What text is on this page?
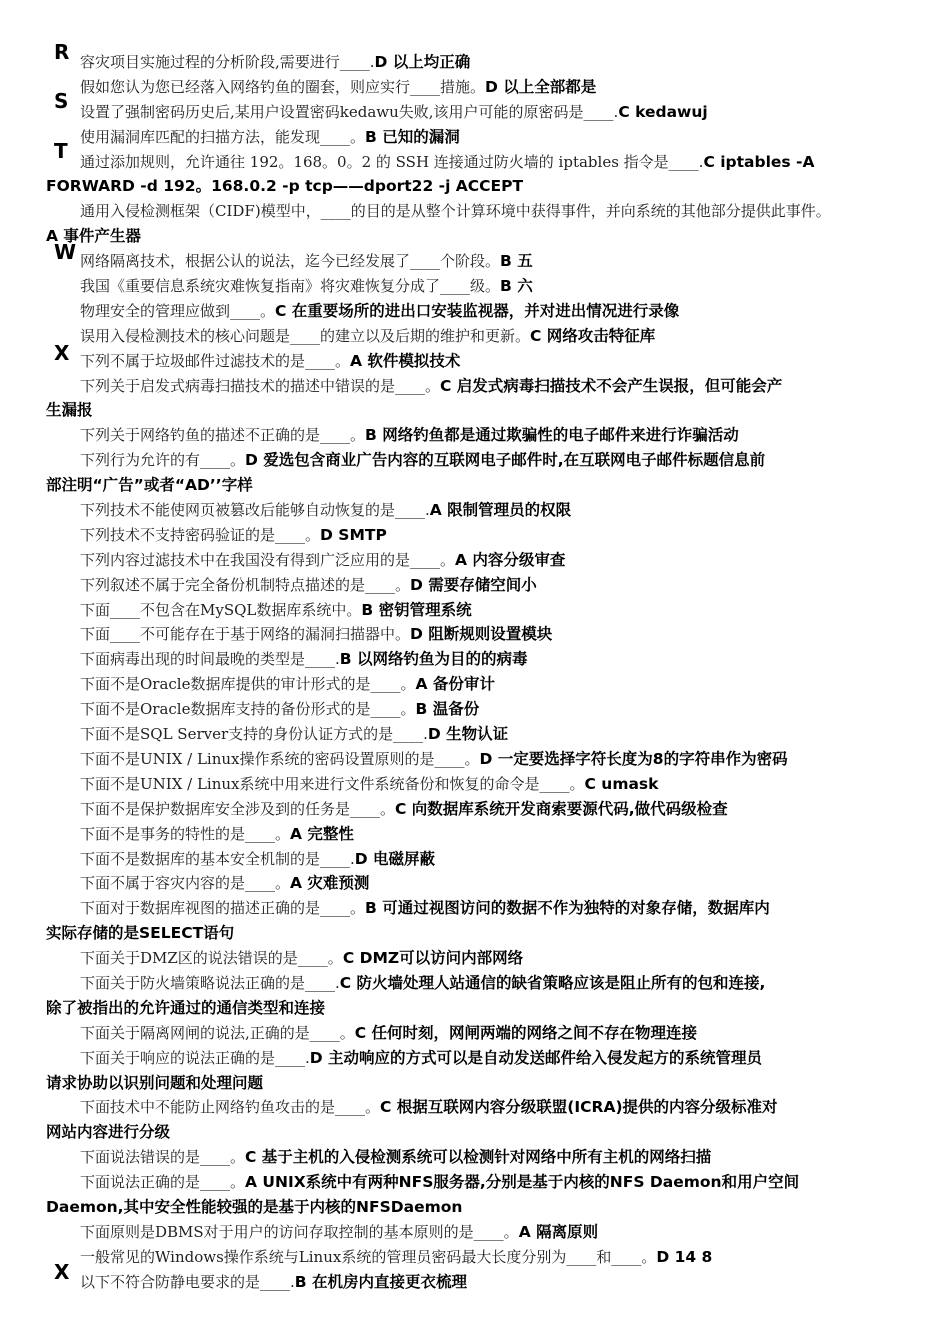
R
S
T
W
X
X
容灾项目实施过程的分析阶段,需要进行____.D 以上均正确
假如您认为您已经落入网络钓鱼的圈套，则应实行____措施。D 以上全部都是
设置了强制密码历史后,某用户设置密码kedawu失败,该用户可能的原密码是____.C kedawuj
使用漏洞库匹配的扫描方法，能发现____。B 已知的漏洞
通过添加规则，允许通往 192。168。0。2 的 SSH 连接通过防火墙的 iptables 指令是____.C iptables -A
FORWARD -d 192。168.0.2 -p tcp——dport22 -j ACCEPT
通用入侵检测框架（CIDF)模型中，____的目的是从整个计算环境中获得事件，并向系统的其他部分提供此事件。
A 事件产生器
网络隔离技术，根据公认的说法，迄今已经发展了____个阶段。B 五
我国《重要信息系统灾难恢复指南》将灾难恢复分成了____级。B 六
物理安全的管理应做到____。C 在重要场所的进出口安装监视器，并对进出情况进行录像
误用入侵检测技术的核心问题是____的建立以及后期的维护和更新。C 网络攻击特征库
下列不属于垃圾邮件过滤技术的是____。A 软件模拟技术
下列关于启发式病毒扫描技术的描述中错误的是____。C 启发式病毒扫描技术不会产生误报，但可能会产
生漏报
下列关于网络钓鱼的描述不正确的是____。B 网络钓鱼都是通过欺骗性的电子邮件来进行诈骗活动
下列行为允许的有____。D 爱选包含商业广告内容的互联网电子邮件时,在互联网电子邮件标题信息前
部注明“广告”或者“AD’’字样
下列技术不能使网页被篡改后能够自动恢复的是____.A 限制管理员的权限
下列技术不支持密码验证的是____。D SMTP
下列内容过滤技术中在我国没有得到广泛应用的是____。A 内容分级审查
下列叙述不属于完全备份机制特点描述的是____。D 需要存储空间小
下面____不包含在MySQL数据库系统中。B 密钥管理系统
下面____不可能存在于基于网络的漏洞扫描器中。D 阻断规则设置模块
下面病毒出现的时间最晚的类型是____.B 以网络钓鱼为目的的病毒
下面不是Oracle数据库提供的审计形式的是____。A 备份审计
下面不是Oracle数据库支持的备份形式的是____。B 温备份
下面不是SQL Server支持的身份认证方式的是____.D 生物认证
下面不是UNIX / Linux操作系统的密码设置原则的是____。D 一定要选择字符长度为8的字符串作为密码
下面不是UNIX / Linux系统中用来进行文件系统备份和恢复的命令是____。C umask
下面不是保护数据库安全涉及到的任务是____。C 向数据库系统开发商索要源代码,做代码级检查
下面不是事务的特性的是____。A 完整性
下面不是数据库的基本安全机制的是____.D 电磁屏蔽
下面不属于容灾内容的是____。A 灾难预测
下面对于数据库视图的描述正确的是____。B 可通过视图访问的数据不作为独特的对象存储，数据库内
实际存储的是SELECT语句
下面关于DMZ区的说法错误的是____。C DMZ可以访问内部网络
下面关于防火墙策略说法正确的是____.C 防火墙处理人站通信的缺省策略应该是阻止所有的包和连接,
除了被指出的允许通过的通信类型和连接
下面关于隔离网闸的说法,正确的是____。C 任何时刻，网闸两端的网络之间不存在物理连接
下面关于响应的说法正确的是____.D 主动响应的方式可以是自动发送邮件给入侵发起方的系统管理员
请求协助以识别问题和处理问题
下面技术中不能防止网络钓鱼攻击的是____。C 根据互联网内容分级联盟(ICRA)提供的内容分级标准对
网站内容进行分级
下面说法错误的是____。C 基于主机的入侵检测系统可以检测针对网络中所有主机的网络扫描
下面说法正确的是____。A UNIX系统中有两种NFS服务器,分别是基于内核的NFS Daemon和用户空间
Daemon,其中安全性能较强的是基于内核的NFSDaemon
下面原则是DBMS对于用户的访问存取控制的基本原则的是____。A 隔离原则
一般常见的Windows操作系统与Linux系统的管理员密码最大长度分别为____和____。D 14 8
以下不符合防静电要求的是____.B 在机房内直接更衣梳理
